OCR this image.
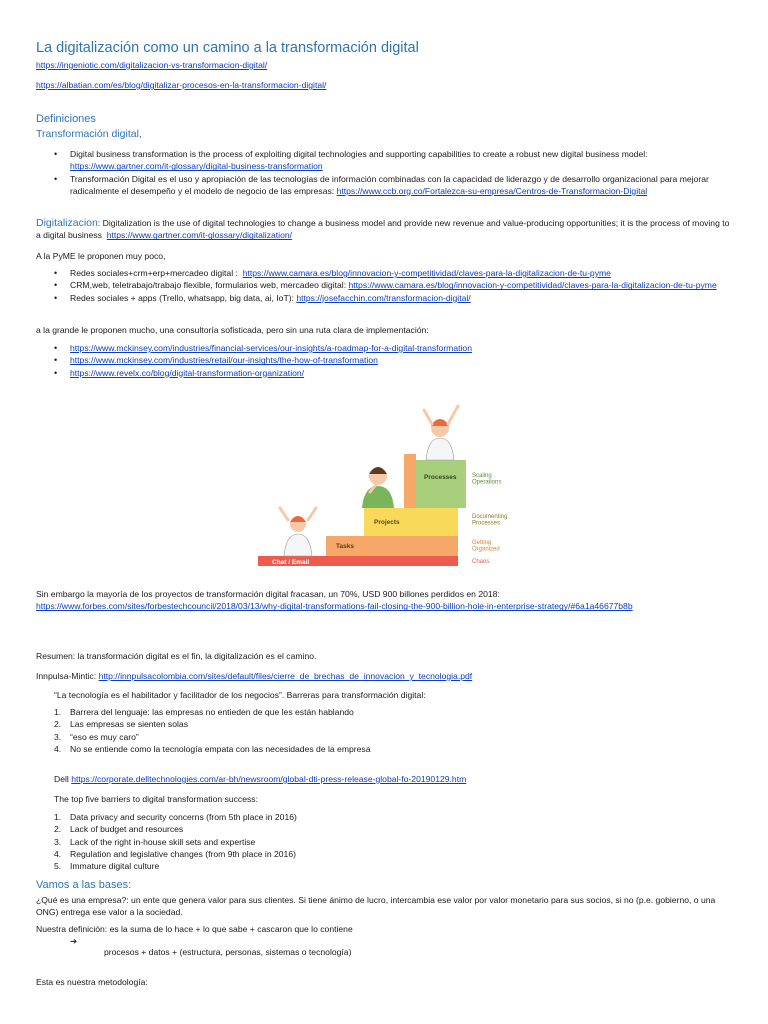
La digitalización como un camino a la transformación digital
https://ingeniotic.com/digitalizacion-vs-transformacion-digital/
https://albatian.com/es/blog/digitalizar-procesos-en-la-transformacion-digital/
Definiciones
Transformación digital,
• Digital business transformation is the process of exploiting digital technologies and supporting capabilities to create a robust new digital business model:
https://www.gartner.com/it-glossary/digital-business-transformation
• Transformación Digital es el uso y apropiación de las tecnologías de información combinadas con la capacidad de liderazgo y de desarrollo organizacional para mejorar radicalmente el desempeño y el modelo de negocio de las empresas: https://www.ccb.org.co/Fortalezca-su-empresa/Centros-de-Transformacion-Digital
Digitalizacion: Digitalization is the use of digital technologies to change a business model and provide new revenue and value-producing opportunities; it is the process of moving to a digital business https://www.gartner.com/it-glossary/digitalization/
A la PyME le proponen muy poco,
• Redes sociales+crm+erp+mercadeo digital : https://www.camara.es/blog/innovacion-y-competitividad/claves-para-la-digitalizacion-de-tu-pyme
• CRM,web, teletrabajo/trabajo flexible, formularios web, mercadeo digital: https://www.camara.es/blog/innovacion-y-competitividad/claves-para-la-digitalizacion-de-tu-pyme
• Redes sociales + apps (Trello, whatsapp, big data, ai, IoT): https://josefacchin.com/transformacion-digital/
a la grande le proponen mucho, una consultoría sofisticada, pero sin una ruta clara de implementación:
• https://www.mckinsey.com/industries/financial-services/our-insights/a-roadmap-for-a-digital-transformation
• https://www.mckinsey.com/industries/retail/our-insights/the-how-of-transformation
• https://www.revelx.co/blog/digital-transformation-organization/
Chat / Email
Tasks
Projects
Processes
Chaos
Getting Organized
Documenting Processes
Scaling Operations
Sin embargo la mayoría de los proyectos de transformación digital fracasan, un 70%, USD 900 billones perdidos en 2018:
https://www.forbes.com/sites/forbestechcouncil/2018/03/13/why-digital-transformations-fail-closing-the-900-billion-hole-in-enterprise-strategy/#6a1a46677b8b
Resumen: la transformación digital es el fin, la digitalización es el camino.
Innpulsa-Mintic: http://innpulsacolombia.com/sites/default/files/cierre_de_brechas_de_innovacion_y_tecnologia.pdf
“La tecnología es el habilitador y facilitador de los negocios”. Barreras para transformación digital:
1. Barrera del lenguaje: las empresas no entieden de que les están hablando
2. Las empresas se sienten solas
3. “eso es muy caro”
4. No se entiende como la tecnología empata con las necesidades de la empresa
Dell https://corporate.delltechnologies.com/ar-bh/newsroom/global-dti-press-release-global-fo-20190129.htm
The top five barriers to digital transformation success:
1. Data privacy and security concerns (from 5th place in 2016)
2. Lack of budget and resources
3. Lack of the right in-house skill sets and expertise
4. Regulation and legislative changes (from 9th place in 2016)
5. Immature digital culture
Vamos a las bases:
¿Qué es una empresa?: un ente que genera valor para sus clientes. Si tiene ánimo de lucro, intercambia ese valor por valor monetario para sus socios, si no (p.e. gobierno, o una ONG) entrega ese valor a la sociedad.
Nuestra definición: es la suma de lo hace + lo que sabe + cascaron que lo contiene
➔
procesos + datos + (estructura, personas, sistemas o tecnología)
Esta es nuestra metodología:
